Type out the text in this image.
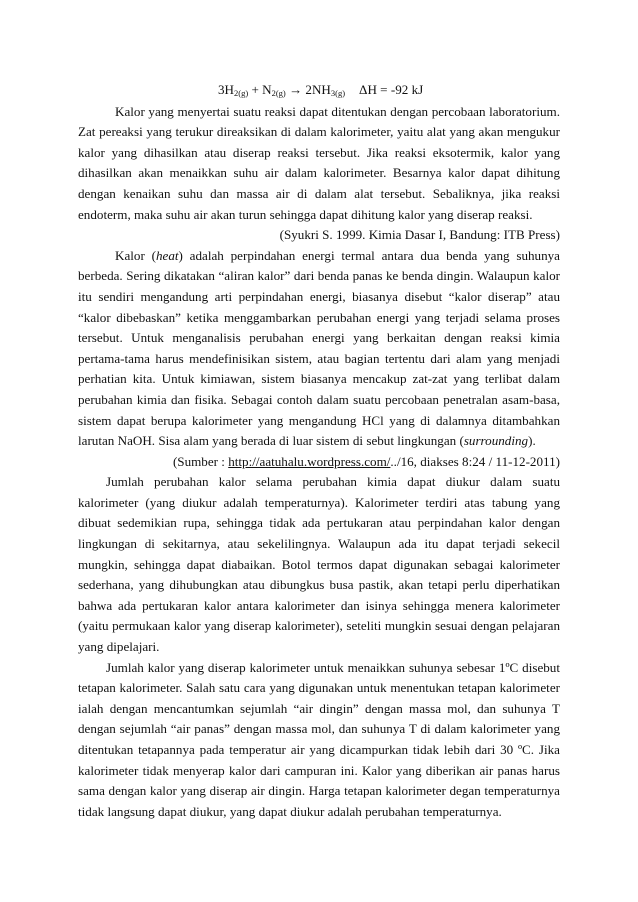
$3H_{2(g)} + N_{2(g)} \to 2NH_{3(g)}$ ΔH = -92 kJ

Kalor yang menyertai suatu reaksi dapat ditentukan dengan percobaan laboratorium. Zat pereaksi yang terukur direaksikan di dalam kalorimeter, yaitu alat yang akan mengukur kalor yang dihasilkan atau diserap reaksi tersebut. Jika reaksi eksotermik, kalor yang dihasilkan akan menaikkan suhu air dalam kalorimeter. Besarnya kalor dapat dihitung dengan kenaikan suhu dan massa air di dalam alat tersebut. Sebaliknya, jika reaksi endoterm, maka suhu air akan turun sehingga dapat dihitung kalor yang diserap reaksi.

(Syukri S. 1999. Kimia Dasar I, Bandung: ITB Press)

Kalor (heat) adalah perpindahan energi termal antara dua benda yang suhunya berbeda. Sering dikatakan “aliran kalor” dari benda panas ke benda dingin. Walaupun kalor itu sendiri mengandung arti perpindahan energi, biasanya disebut “kalor diserap” atau “kalor dibebaskan” ketika menggambarkan perubahan energi yang terjadi selama proses tersebut. Untuk menganalisis perubahan energi yang berkaitan dengan reaksi kimia pertama-tama harus mendefinisikan sistem, atau bagian tertentu dari alam yang menjadi perhatian kita. Untuk kimiawan, sistem biasanya mencakup zat-zat yang terlibat dalam perubahan kimia dan fisika. Sebagai contoh dalam suatu percobaan penetralan asam-basa, sistem dapat berupa kalorimeter yang mengandung HCl yang di dalamnya ditambahkan larutan NaOH. Sisa alam yang berada di luar sistem di sebut lingkungan (surrounding).

(Sumber : http://aatuhalu.wordpress.com/../16, diakses 8:24 / 11-12-2011)

Jumlah perubahan kalor selama perubahan kimia dapat diukur dalam suatu kalorimeter (yang diukur adalah temperaturnya). Kalorimeter terdiri atas tabung yang dibuat sedemikian rupa, sehingga tidak ada pertukaran atau perpindahan kalor dengan lingkungan di sekitarnya, atau sekelilingnya. Walaupun ada itu dapat terjadi sekecil mungkin, sehingga dapat diabaikan. Botol termos dapat digunakan sebagai kalorimeter sederhana, yang dihubungkan atau dibungkus busa pastik, akan tetapi perlu diperhatikan bahwa ada pertukaran kalor antara kalorimeter dan isinya sehingga menera kalorimeter (yaitu permukaan kalor yang diserap kalorimeter), seteliti mungkin sesuai dengan pelajaran yang dipelajari.

Jumlah kalor yang diserap kalorimeter untuk menaikkan suhunya sebesar 1ºC disebut tetapan kalorimeter. Salah satu cara yang digunakan untuk menentukan tetapan kalorimeter ialah dengan mencantumkan sejumlah “air dingin” dengan massa mol, dan suhunya T dengan sejumlah “air panas” dengan massa mol, dan suhunya T di dalam kalorimeter yang ditentukan tetapannya pada temperatur air yang dicampurkan tidak lebih dari 30 ºC. Jika kalorimeter tidak menyerap kalor dari campuran ini. Kalor yang diberikan air panas harus sama dengan kalor yang diserap air dingin. Harga tetapan kalorimeter degan temperaturnya tidak langsung dapat diukur, yang dapat diukur adalah perubahan temperaturnya.
